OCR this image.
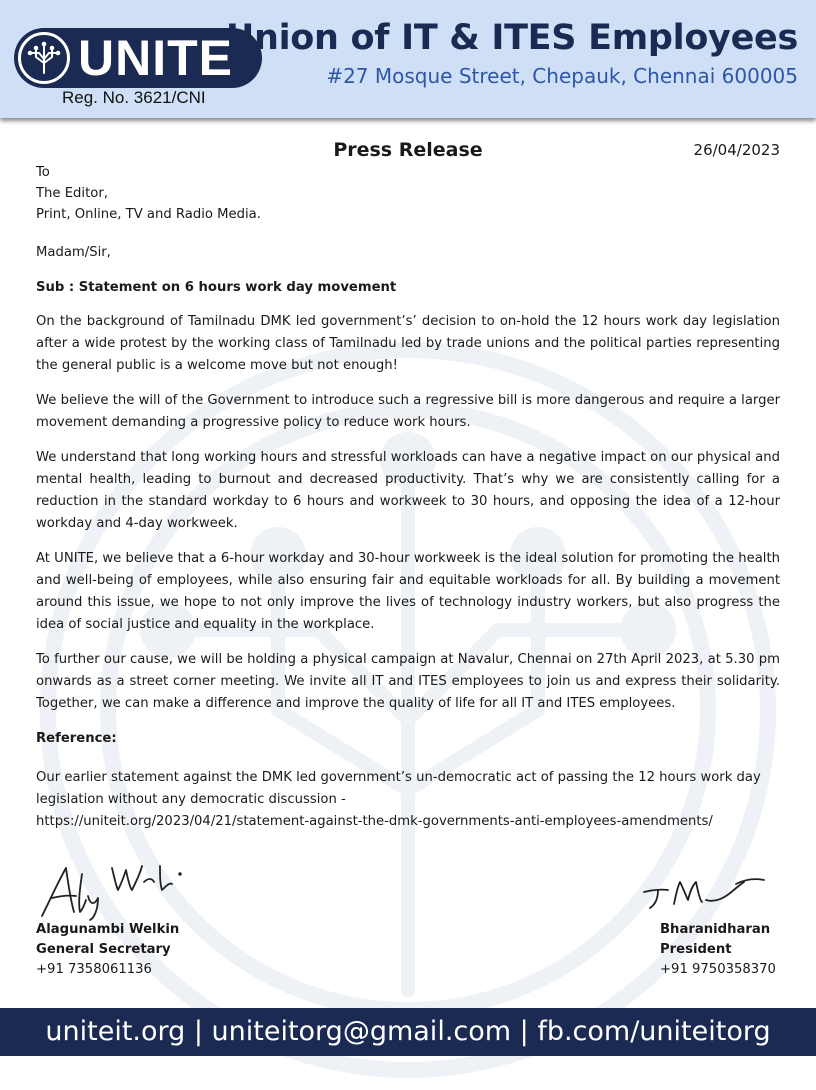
UNITE
Reg. No. 3621/CNI
Union of IT & ITES Employees
#27 Mosque Street, Chepauk, Chennai 600005
Press Release	26/04/2023
To
The Editor,
Print, Online, TV and Radio Media.
Madam/Sir,
Sub : Statement on 6 hours work day movement
On the background of Tamilnadu DMK led government’s’ decision to on-hold the 12 hours work day legislation after a wide protest by the working class of Tamilnadu led by trade unions and the political parties representing the general public is a welcome move but not enough!
We believe the will of the Government to introduce such a regressive bill is more dangerous and require a larger movement demanding a progressive policy to reduce work hours.
We understand that long working hours and stressful workloads can have a negative impact on our physical and mental health, leading to burnout and decreased productivity. That’s why we are consistently calling for a reduction in the standard workday to 6 hours and workweek to 30 hours, and opposing the idea of a 12-hour workday and 4-day workweek.
At UNITE, we believe that a 6-hour workday and 30-hour workweek is the ideal solution for promoting the health and well-being of employees, while also ensuring fair and equitable workloads for all. By building a movement around this issue, we hope to not only improve the lives of technology industry workers, but also progress the idea of social justice and equality in the workplace.
To further our cause, we will be holding a physical campaign at Navalur, Chennai on 27th April 2023, at 5.30 pm onwards as a street corner meeting. We invite all IT and ITES employees to join us and express their solidarity. Together, we can make a difference and improve the quality of life for all IT and ITES employees.
Reference:
Our earlier statement against the DMK led government’s un-democratic act of passing the 12 hours work day legislation without any democratic discussion -
https://uniteit.org/2023/04/21/statement-against-the-dmk-governments-anti-employees-amendments/
Alagunambi Welkin
General Secretary
+91 7358061136
Bharanidharan
President
+91 9750358370
uniteit.org | uniteitorg@gmail.com | fb.com/uniteitorg
